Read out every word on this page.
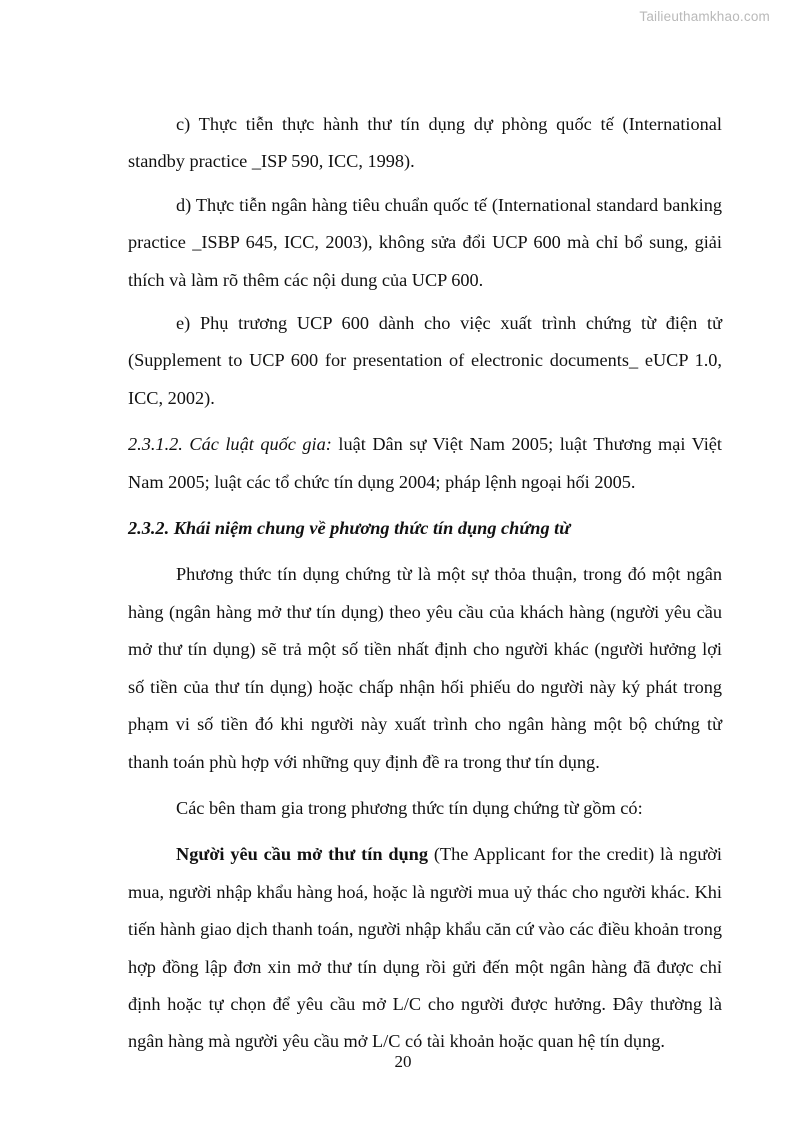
Tailieuthamkhao.com

c) Thực tiễn thực hành thư tín dụng dự phòng quốc tế (International standby practice _ISP 590, ICC, 1998).

d) Thực tiễn ngân hàng tiêu chuẩn quốc tế (International standard banking practice _ISBP 645, ICC, 2003), không sửa đổi UCP 600 mà chỉ bổ sung, giải thích và làm rõ thêm các nội dung của UCP 600.

e) Phụ trương UCP 600 dành cho việc xuất trình chứng từ điện tử (Supplement to UCP 600 for presentation of electronic documents_ eUCP 1.0, ICC, 2002).

2.3.1.2. Các luật quốc gia: luật Dân sự Việt Nam 2005; luật Thương mại Việt Nam 2005; luật các tổ chức tín dụng 2004; pháp lệnh ngoại hối 2005.

2.3.2. Khái niệm chung về phương thức tín dụng chứng từ

Phương thức tín dụng chứng từ là một sự thỏa thuận, trong đó một ngân hàng (ngân hàng mở thư tín dụng) theo yêu cầu của khách hàng (người yêu cầu mở thư tín dụng) sẽ trả một số tiền nhất định cho người khác (người hưởng lợi số tiền của thư tín dụng) hoặc chấp nhận hối phiếu do người này ký phát trong phạm vi số tiền đó khi người này xuất trình cho ngân hàng một bộ chứng từ thanh toán phù hợp với những quy định đề ra trong thư tín dụng.

Các bên tham gia trong phương thức tín dụng chứng từ gồm có:

Người yêu cầu mở thư tín dụng (The Applicant for the credit) là người mua, người nhập khẩu hàng hoá, hoặc là người mua uỷ thác cho người khác. Khi tiến hành giao dịch thanh toán, người nhập khẩu căn cứ vào các điều khoản trong hợp đồng lập đơn xin mở thư tín dụng rồi gửi đến một ngân hàng đã được chỉ định hoặc tự chọn để yêu cầu mở L/C cho người được hưởng. Đây thường là ngân hàng mà người yêu cầu mở L/C có tài khoản hoặc quan hệ tín dụng.

20
